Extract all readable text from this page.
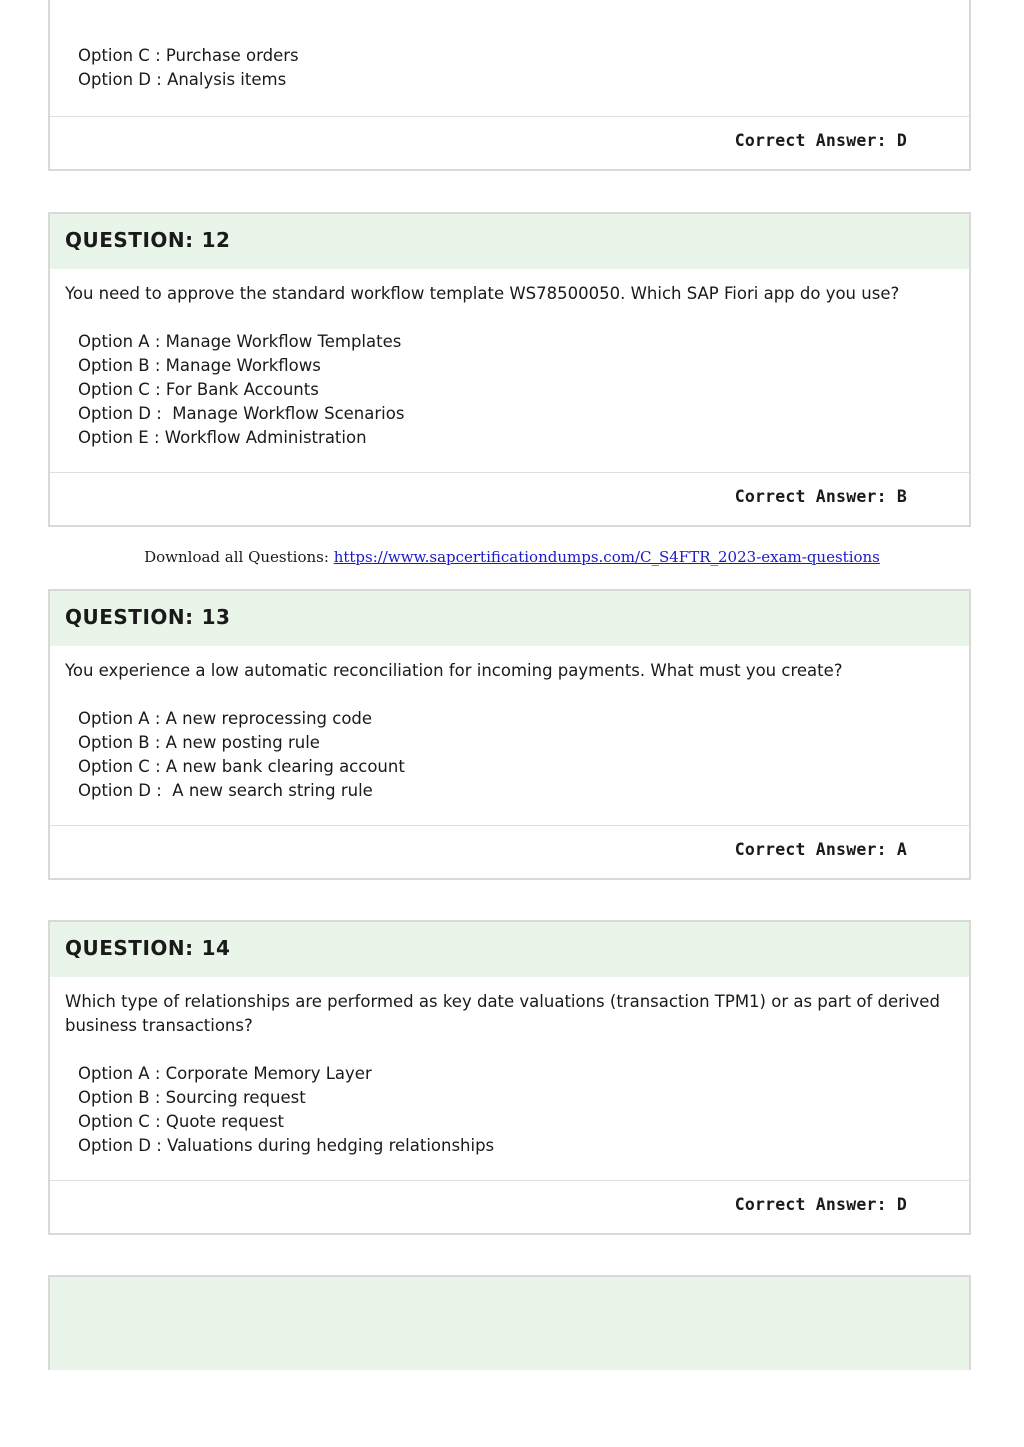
Option C : Purchase orders
Option D : Analysis items
Correct Answer: D
QUESTION: 12
You need to approve the standard workflow template WS78500050. Which SAP Fiori app do you use?
Option A : Manage Workflow Templates
Option B : Manage Workflows
Option C : For Bank Accounts
Option D :  Manage Workflow Scenarios
Option E : Workflow Administration
Correct Answer: B
Download all Questions: https://www.sapcertificationdumps.com/C_S4FTR_2023-exam-questions
QUESTION: 13
You experience a low automatic reconciliation for incoming payments. What must you create?
Option A : A new reprocessing code
Option B : A new posting rule
Option C : A new bank clearing account
Option D :  A new search string rule
Correct Answer: A
QUESTION: 14
Which type of relationships are performed as key date valuations (transaction TPM1) or as part of derived business transactions?
Option A : Corporate Memory Layer
Option B : Sourcing request
Option C : Quote request
Option D : Valuations during hedging relationships
Correct Answer: D
